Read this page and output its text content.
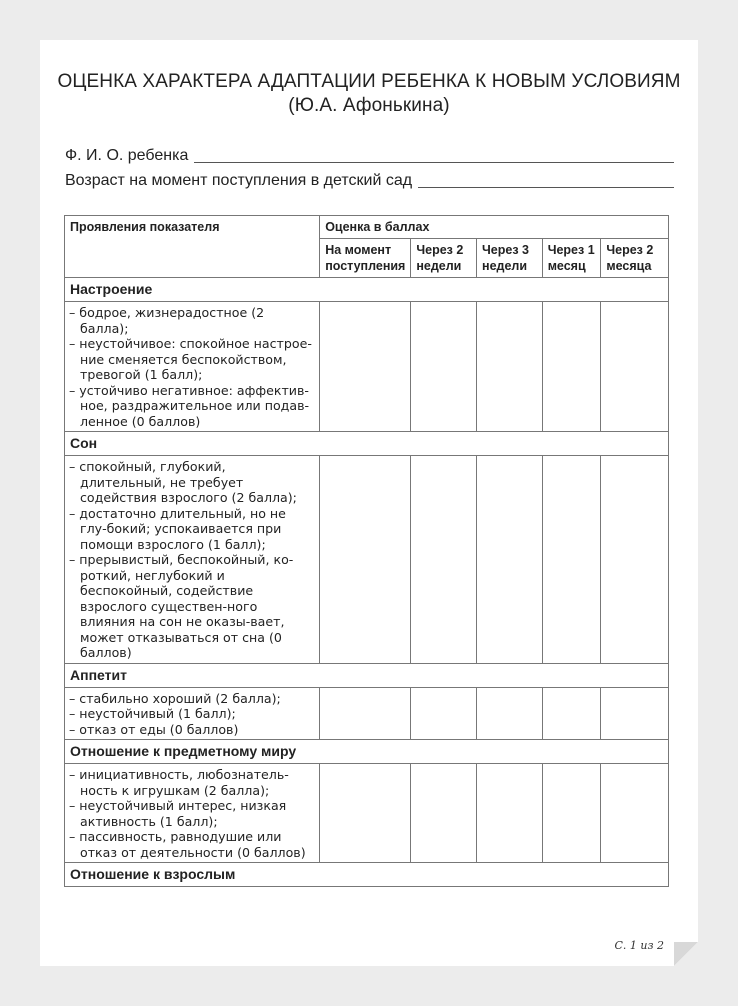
ОЦЕНКА ХАРАКТЕРА АДАПТАЦИИ РЕБЕНКА К НОВЫМ УСЛОВИЯМ
(Ю.А. Афонькина)
Ф. И. О. ребенка
Возраст на момент поступления в детский сад
Проявления показателя	Оценка в баллах				
	На момент поступления	Через 2 недели	Через 3 недели	Через 1 месяц	Через 2 месяца
Настроение					

– бодрое, жизнерадостное (2 балла);
– неустойчивое: спокойное настрое-ние сменяется беспокойством, тревогой (1 балл);
– устойчиво негативное: аффектив-ное, раздражительное или подав-ленное (0 баллов)					

Сон					

– спокойный, глубокий, длительный, не требует содействия взрослого (2 балла);
– достаточно длительный, но не глу-бокий; успокаивается при помощи взрослого (1 балл);
– прерывистый, беспокойный, ко-роткий, неглубокий и беспокойный, содействие взрослого существен-ного влияния на сон не оказы-вает, может отказываться от сна (0 баллов)					

Аппетит					

– стабильно хороший (2 балла);
– неустойчивый (1 балл);
– отказ от еды (0 баллов)					

Отношение к предметному миру					

– инициативность, любознатель-ность к игрушкам (2 балла);
– неустойчивый интерес, низкая активность (1 балл);
– пассивность, равнодушие или отказ от деятельности (0 баллов)					

Отношение к взрослым					
С. 1 из 2
